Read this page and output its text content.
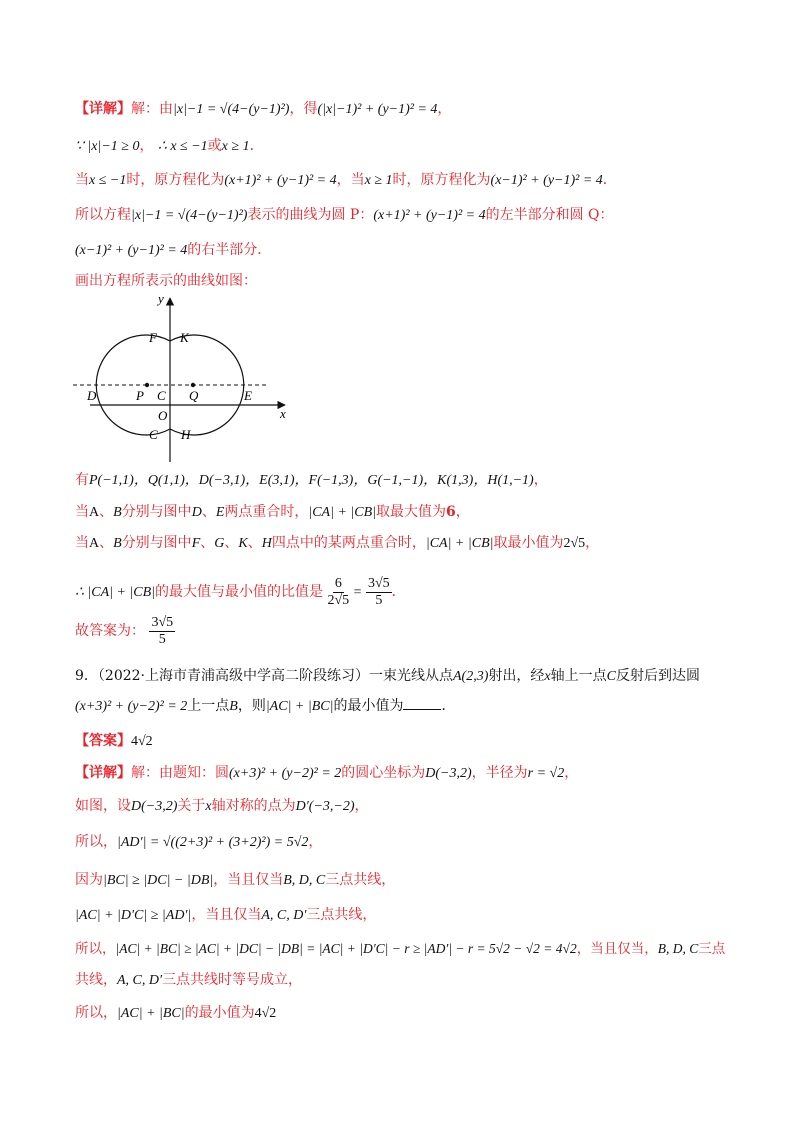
【详解】解：由|x|−1 = √(4−(y−1)²)，得(|x|−1)² + (y−1)² = 4，
∵ |x|−1 ≥ 0， ∴ x ≤ −1或x ≥ 1．
当x ≤ −1时，原方程化为(x+1)² + (y−1)² = 4，当x ≥ 1时，原方程化为(x−1)² + (y−1)² = 4．
所以方程|x|−1 = √(4−(y−1)²)表示的曲线为圆 P：(x+1)² + (y−1)² = 4的左半部分和圆 Q：
(x−1)² + (y−1)² = 4的右半部分．
画出方程所表示的曲线如图：
y
x
F K
D	P C Q	E
O
C H
有P(−1,1)，Q(1,1)，D(−3,1)，E(3,1)，F(−1,3)，G(−1,−1)，K(1,3)，H(1,−1)，
当A、B分别与图中D、E两点重合时，|CA| + |CB|取最大值为6，
当A、B分别与图中F、G、K、H四点中的某两点重合时，|CA| + |CB|取最小值为2√5，
∴ |CA| + |CB|的最大值与最小值的比值是 $\frac{6}{2√5} = \frac{3√5}{5}$ ．
故答案为： $\frac{3√5}{5}$
9．（2022·上海市青浦高级中学高二阶段练习）一束光线从点A(2,3)射出，经x轴上一点C反射后到达圆
(x+3)² + (y−2)² = 2上一点B，则|AC| + |BC|的最小值为	．
【答案】4√2
【详解】解：由题知：圆(x+3)² + (y−2)² = 2的圆心坐标为D(−3,2)，半径为r = √2，
如图，设D(−3,2)关于x轴对称的点为D′(−3,−2)，
所以，|AD′| = √((2+3)² + (3+2)²) = 5√2，
因为|BC| ≥ |DC| − |DB|，当且仅当B, D, C三点共线，
|AC| + |D′C| ≥ |AD′|，当且仅当A, C, D′三点共线，
所以，|AC| + |BC| ≥ |AC| + |DC| − |DB| = |AC| + |D′C| − r ≥ |AD′| − r = 5√2 − √2 = 4√2，当且仅当，B, D, C三点
共线，A, C, D′三点共线时等号成立，
所以，|AC| + |BC|的最小值为4√2
